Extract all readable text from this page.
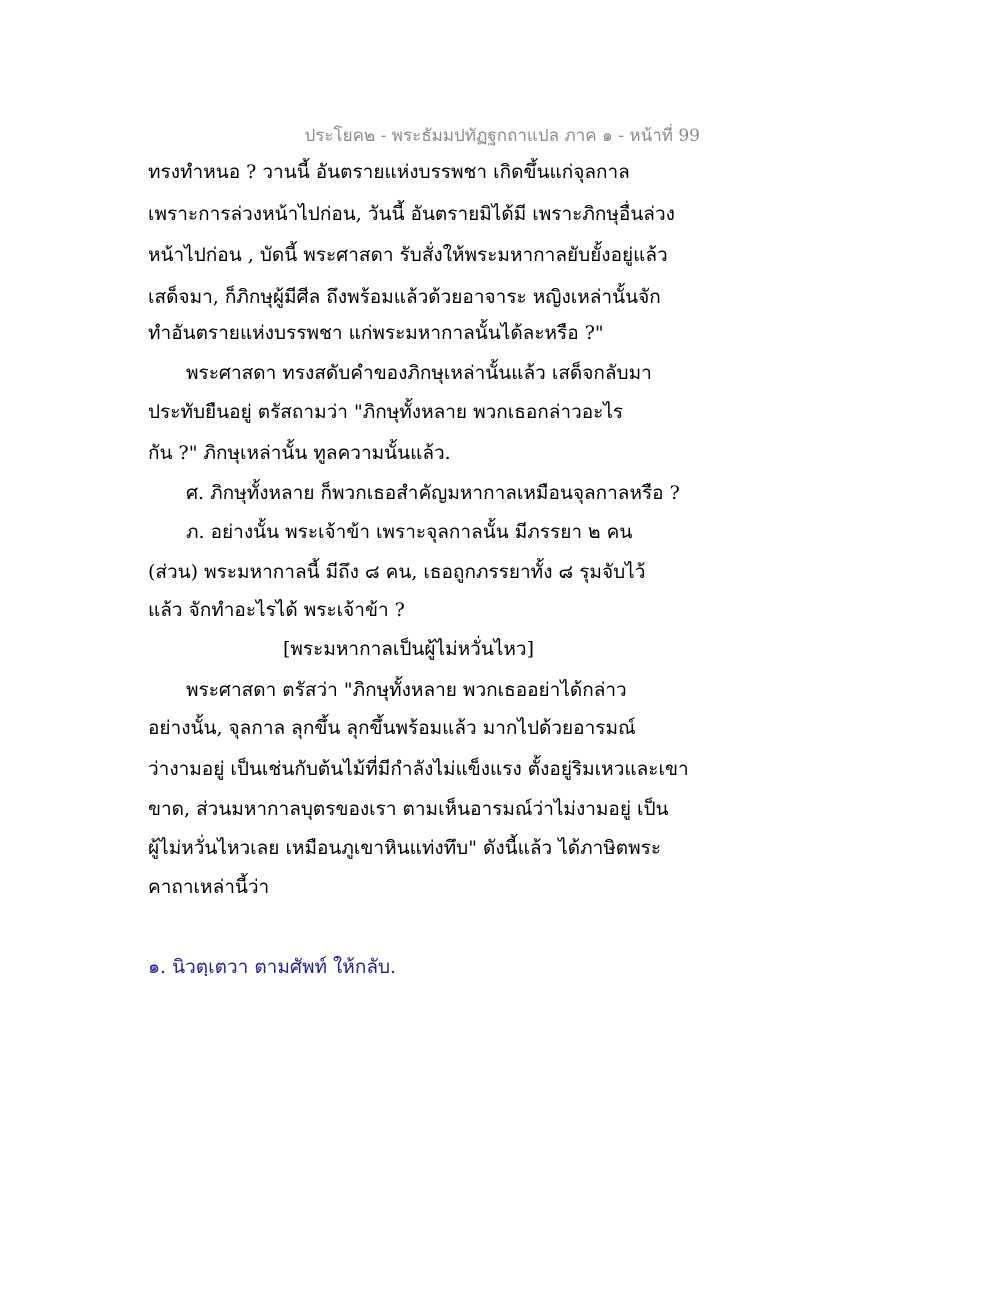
ประโยค๒ - พระธัมมปทัฏฐกถาแปล ภาค ๑ - หน้าที่ 99
ทรงทำหนอ ? วานนี้ อันตรายแห่งบรรพชา เกิดขึ้นแก่จุลกาล
เพราะการล่วงหน้าไปก่อน, วันนี้ อันตรายมิได้มี เพราะภิกษุอื่นล่วง
หน้าไปก่อน , บัดนี้ พระศาสดา รับสั่งให้พระมหากาลยับยั้งอยู่แล้ว
เสด็จมา, ก็ภิกษุผู้มีศีล ถึงพร้อมแล้วด้วยอาจาระ หญิงเหล่านั้นจัก
ทำอันตรายแห่งบรรพชา แก่พระมหากาลนั้นได้ละหรือ ?"
พระศาสดา ทรงสดับคำของภิกษุเหล่านั้นแล้ว เสด็จกลับมา
ประทับยืนอยู่ ตรัสถามว่า "ภิกษุทั้งหลาย พวกเธอกล่าวอะไร
กัน ?" ภิกษุเหล่านั้น ทูลความนั้นแล้ว.
ศ. ภิกษุทั้งหลาย ก็พวกเธอสำคัญมหากาลเหมือนจุลกาลหรือ ?
ภ. อย่างนั้น พระเจ้าข้า เพราะจุลกาลนั้น มีภรรยา ๒ คน
(ส่วน) พระมหากาลนี้ มีถึง ๘ คน, เธอถูกภรรยาทั้ง ๘ รุมจับไว้
แล้ว จักทำอะไรได้ พระเจ้าข้า ?
[พระมหากาลเป็นผู้ไม่หวั่นไหว]
พระศาสดา ตรัสว่า "ภิกษุทั้งหลาย พวกเธออย่าได้กล่าว
อย่างนั้น, จุลกาล ลุกขึ้น ลุกขึ้นพร้อมแล้ว มากไปด้วยอารมณ์
ว่างามอยู่ เป็นเช่นกับต้นไม้ที่มีกำลังไม่แข็งแรง ตั้งอยู่ริมเหวและเขา
ขาด, ส่วนมหากาลบุตรของเรา ตามเห็นอารมณ์ว่าไม่งามอยู่ เป็น
ผู้ไม่หวั่นไหวเลย เหมือนภูเขาหินแท่งทึบ" ดังนี้แล้ว ได้ภาษิตพระ
คาถาเหล่านี้ว่า
๑. นิวตฺเตวา ตามศัพท์ ให้กลับ.
